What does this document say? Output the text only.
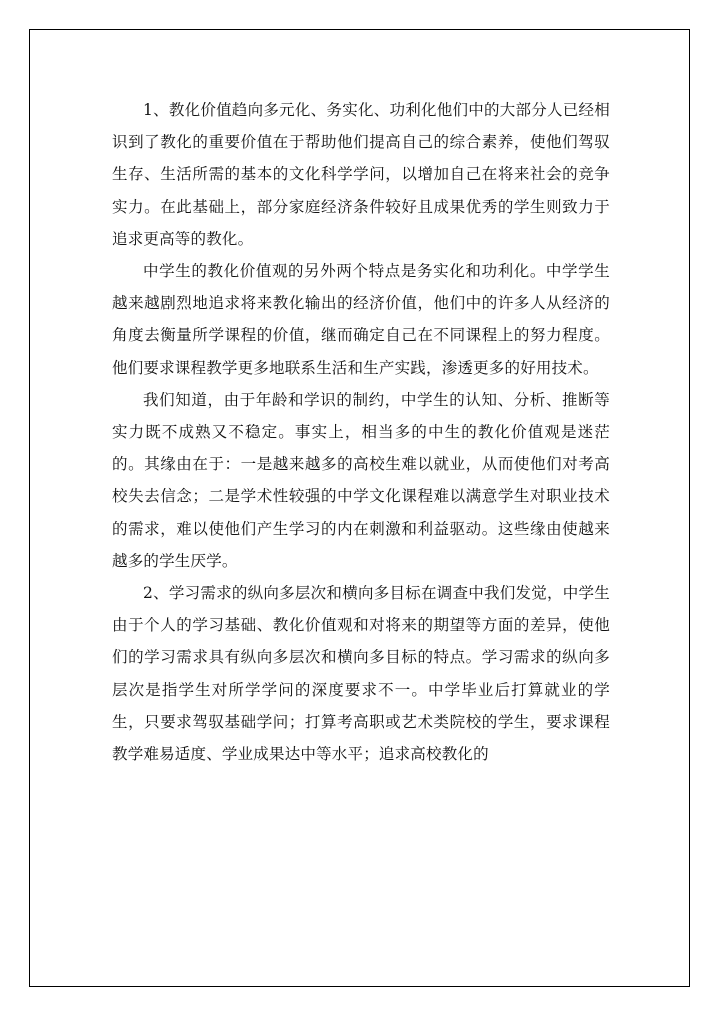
1、教化价值趋向多元化、务实化、功利化他们中的大部分人已经相识到了教化的重要价值在于帮助他们提高自己的综合素养，使他们驾驭生存、生活所需的基本的文化科学学问，以增加自己在将来社会的竞争实力。在此基础上，部分家庭经济条件较好且成果优秀的学生则致力于追求更高等的教化。

中学生的教化价值观的另外两个特点是务实化和功利化。中学学生越来越剧烈地追求将来教化输出的经济价值，他们中的许多人从经济的角度去衡量所学课程的价值，继而确定自己在不同课程上的努力程度。他们要求课程教学更多地联系生活和生产实践，渗透更多的好用技术。

我们知道，由于年龄和学识的制约，中学生的认知、分析、推断等实力既不成熟又不稳定。事实上，相当多的中生的教化价值观是迷茫的。其缘由在于：一是越来越多的高校生难以就业，从而使他们对考高校失去信念；二是学术性较强的中学文化课程难以满意学生对职业技术的需求，难以使他们产生学习的内在刺激和利益驱动。这些缘由使越来越多的学生厌学。

2、学习需求的纵向多层次和横向多目标在调查中我们发觉，中学生由于个人的学习基础、教化价值观和对将来的期望等方面的差异，使他们的学习需求具有纵向多层次和横向多目标的特点。学习需求的纵向多层次是指学生对所学学问的深度要求不一。中学毕业后打算就业的学生，只要求驾驭基础学问；打算考高职或艺术类院校的学生，要求课程教学难易适度、学业成果达中等水平；追求高校教化的
